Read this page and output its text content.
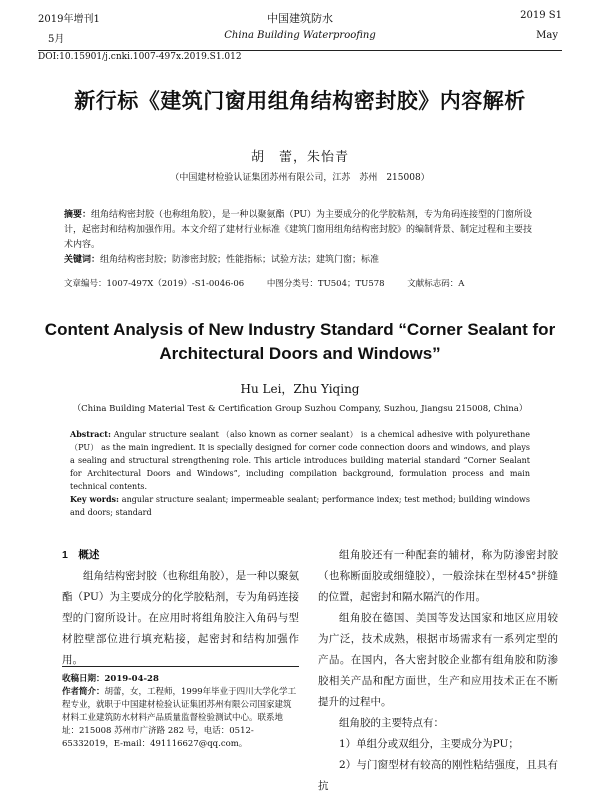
2019年增刊1
5月
中国建筑防水
China Building Waterproofing
2019 S1
May
DOI:10.15901/j.cnki.1007-497x.2019.S1.012
新行标《建筑门窗用组角结构密封胶》内容解析
胡　蕾，朱怡青
（中国建材检验认证集团苏州有限公司，江苏　苏州　215008）
摘要：组角结构密封胶（也称组角胶），是一种以聚氨酯（PU）为主要成分的化学胶粘剂，专为角码连接型的门窗所设计，起密封和结构加强作用。本文介绍了建材行业标准《建筑门窗用组角结构密封胶》的编制背景、制定过程和主要技术内容。
关键词：组角结构密封胶；防渗密封胶；性能指标；试验方法；建筑门窗；标准
文章编号：1007-497X（2019）-S1-0046-06	中图分类号：TU504；TU578	文献标志码：A
Content Analysis of New Industry Standard “Corner Sealant for Architectural Doors and Windows”
Hu Lei，Zhu Yiqing
（China Building Material Test & Certification Group Suzhou Company, Suzhou, Jiangsu 215008, China）
Abstract: Angular structure sealant （also known as corner sealant） is a chemical adhesive with polyurethane （PU） as the main ingredient. It is specially designed for corner code connection doors and windows, and plays a sealing and structural strengthening role. This article introduces building material standard “Corner Sealant for Architectural Doors and Windows”, including compilation background, formulation process and main technical contents.
Key words: angular structure sealant; impermeable sealant; performance index; test method; building windows and doors; standard
1　概述

组角结构密封胶（也称组角胶），是一种以聚氨酯（PU）为主要成分的化学胶粘剂，专为角码连接型的门窗所设计。在应用时将组角胶注入角码与型材腔壁部位进行填充粘接，起密封和结构加强作用。

收稿日期：2019-04-28
作者简介：胡蕾，女，工程师，1999年毕业于四川大学化学工程专业，就职于中国建材检验认证集团苏州有限公司国家建筑材料工业建筑防水材料产品质量监督检验测试中心。联系地址：215008 苏州市广济路 282 号，电话：0512-65332019，E-mail：491116627@qq.com。

组角胶还有一种配套的辅材，称为防渗密封胶（也称断面胶或细缝胶），一般涂抹在型材45°拼缝的位置，起密封和隔水隔汽的作用。

组角胶在德国、美国等发达国家和地区应用较为广泛，技术成熟，根据市场需求有一系列定型的产品。在国内，各大密封胶企业都有组角胶和防渗胶相关产品和配方面世，生产和应用技术正在不断提升的过程中。

组角胶的主要特点有：

1）单组分或双组分，主要成分为PU；

2）与门窗型材有较高的刚性粘结强度，且具有抗
